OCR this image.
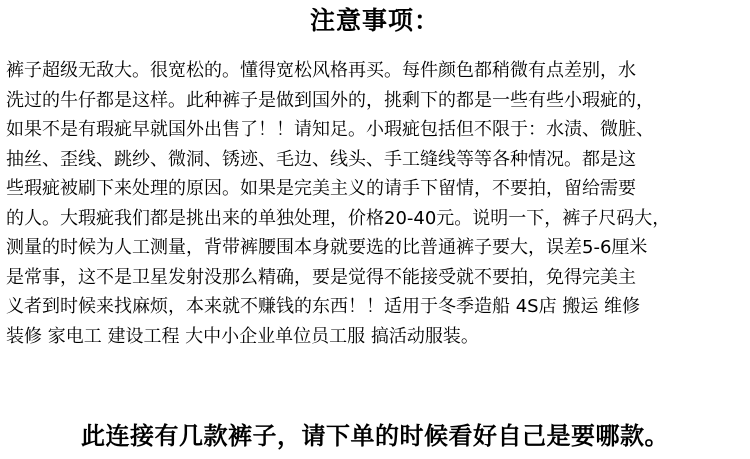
注意事项：
裤子超级无敌大。很宽松的。懂得宽松风格再买。每件颜色都稍微有点差别，水
洗过的牛仔都是这样。此种裤子是做到国外的，挑剩下的都是一些有些小瑕疵的，
如果不是有瑕疵早就国外出售了！！请知足。小瑕疵包括但不限于：水渍、微脏、
抽丝、歪线、跳纱、微洞、锈迹、毛边、线头、手工缝线等等各种情况。都是这
些瑕疵被刷下来处理的原因。如果是完美主义的请手下留情，不要拍，留给需要
的人。大瑕疵我们都是挑出来的单独处理，价格20-40元。说明一下，裤子尺码大，
测量的时候为人工测量，背带裤腰围本身就要选的比普通裤子要大，误差5-6厘米
是常事，这不是卫星发射没那么精确，要是觉得不能接受就不要拍，免得完美主
义者到时候来找麻烦，本来就不赚钱的东西！！适用于冬季造船 4S店 搬运 维修
装修 家电工 建设工程 大中小企业单位员工服 搞活动服装。
此连接有几款裤子，请下单的时候看好自己是要哪款。
